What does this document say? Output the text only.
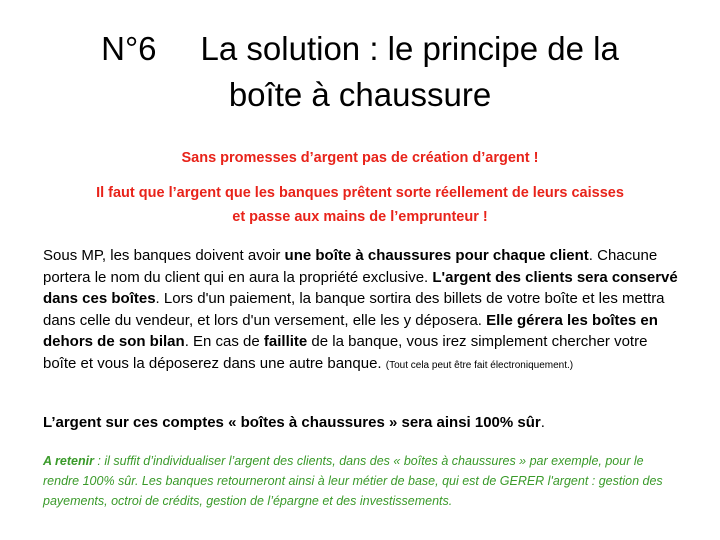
N°6 La solution : le principe de la
boîte à chaussure
Sans promesses d’argent pas de création d’argent !
Il faut que l’argent que les banques prêtent sorte réellement de leurs caisses
et passe aux mains de l’emprunteur !
Sous MP, les banques doivent avoir une boîte à chaussures pour chaque client. Chacune portera le nom du client qui en aura la propriété exclusive. L'argent des clients sera conservé dans ces boîtes. Lors d'un paiement, la banque sortira des billets de votre boîte et les mettra dans celle du vendeur, et lors d'un versement, elle les y déposera. Elle gérera les boîtes en dehors de son bilan. En cas de faillite de la banque, vous irez simplement chercher votre boîte et vous la déposerez dans une autre banque. (Tout cela peut être fait électroniquement.)
L’argent sur ces comptes « boîtes à chaussures » sera ainsi 100% sûr.
A retenir : il suffit d’individualiser l’argent des clients, dans des « boîtes à chaussures » par exemple, pour le rendre 100% sûr. Les banques retourneront ainsi à leur métier de base, qui est de GERER l'argent : gestion des payements, octroi de crédits, gestion de l’épargne et des investissements.
